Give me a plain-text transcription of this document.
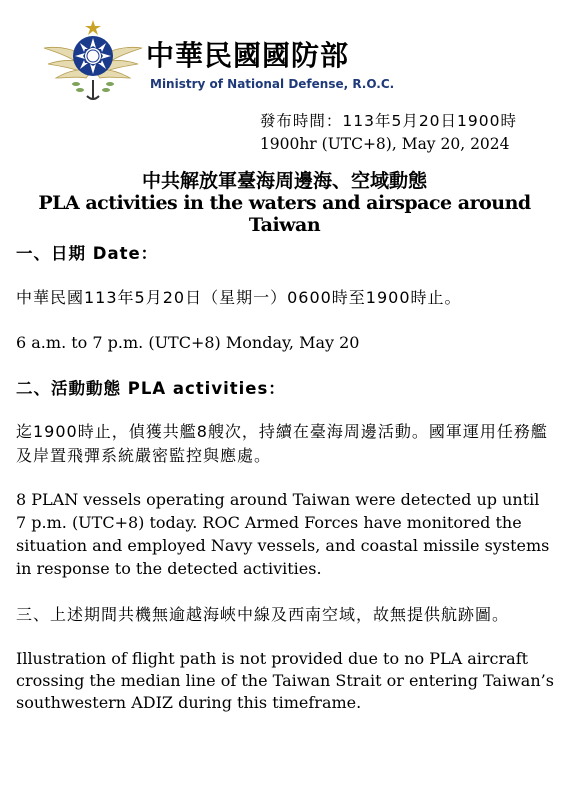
中華民國國防部
Ministry of National Defense, R.O.C.
發布時間：113年5月20日1900時
1900hr (UTC+8), May 20, 2024
中共解放軍臺海周邊海、空域動態
PLA activities in the waters and airspace around Taiwan
一、日期 Date：
中華民國113年5月20日（星期一）0600時至1900時止。
6 a.m. to 7 p.m. (UTC+8) Monday, May 20
二、活動動態 PLA activities：
迄1900時止，偵獲共艦8艘次，持續在臺海周邊活動。國軍運用任務艦及岸置飛彈系統嚴密監控與應處。
8 PLAN vessels operating around Taiwan were detected up until 7 p.m. (UTC+8) today. ROC Armed Forces have monitored the situation and employed Navy vessels, and coastal missile systems in response to the detected activities.
三、上述期間共機無逾越海峽中線及西南空域，故無提供航跡圖。
Illustration of flight path is not provided due to no PLA aircraft crossing the median line of the Taiwan Strait or entering Taiwan’s southwestern ADIZ during this timeframe.
